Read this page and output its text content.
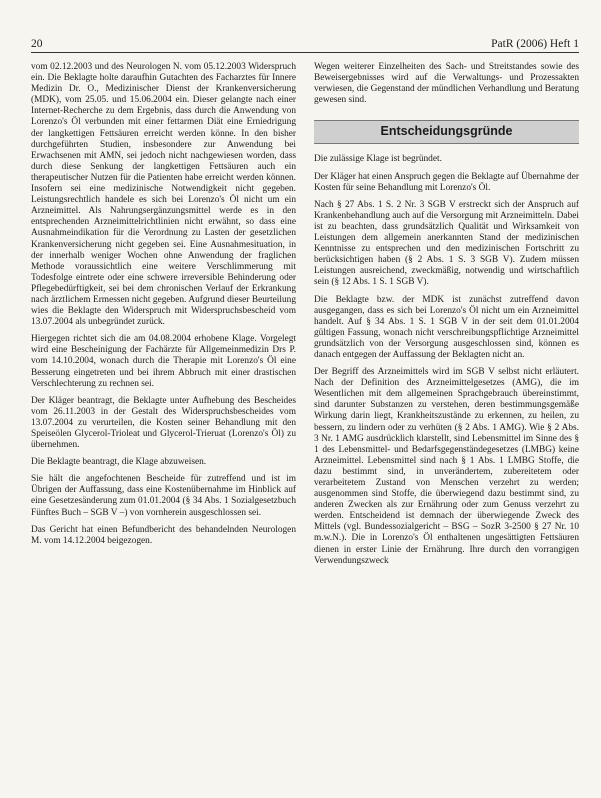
20	PatR (2006) Heft 1

vom 02.12.2003 und des Neurologen N. vom 05.12.2003 Widerspruch ein. Die Beklagte holte daraufhin Gutachten des Facharztes für Innere Medizin Dr. O., Medizinischer Dienst der Krankenversicherung (MDK), vom 25.05. und 15.06.2004 ein. Dieser gelangte nach einer Internet-Recherche zu dem Ergebnis, dass durch die Anwendung von Lorenzo's Öl verbunden mit einer fettarmen Diät eine Erniedrigung der langkettigen Fettsäuren erreicht werden könne. In den bisher durchgeführten Studien, insbesondere zur Anwendung bei Erwachsenen mit AMN, sei jedoch nicht nachgewiesen worden, dass durch diese Senkung der langkettigen Fettsäuren auch ein therapeutischer Nutzen für die Patienten habe erreicht werden können. Insofern sei eine medizinische Notwendigkeit nicht gegeben. Leistungsrechtlich handele es sich bei Lorenzo's Öl nicht um ein Arzneimittel. Als Nahrungsergänzungsmittel werde es in den entsprechenden Arzneimittelrichtlinien nicht erwähnt, so dass eine Ausnahmeindikation für die Verordnung zu Lasten der gesetzlichen Krankenversicherung nicht gegeben sei. Eine Ausnahmesituation, in der innerhalb weniger Wochen ohne Anwendung der fraglichen Methode voraussichtlich eine weitere Verschlimmerung mit Todesfolge eintrete oder eine schwere irreversible Behinderung oder Pflegebedürftigkeit, sei bei dem chronischen Verlauf der Erkrankung nach ärztlichem Ermessen nicht gegeben. Aufgrund dieser Beurteilung wies die Beklagte den Widerspruch mit Widerspruchsbescheid vom 13.07.2004 als unbegründet zurück.

Hiergegen richtet sich die am 04.08.2004 erhobene Klage. Vorgelegt wird eine Bescheinigung der Fachärzte für Allgemeinmedizin Drs P. vom 14.10.2004, wonach durch die Therapie mit Lorenzo's Öl eine Besserung eingetreten und bei ihrem Abbruch mit einer drastischen Verschlechterung zu rechnen sei.

Der Kläger beantragt, die Beklagte unter Aufhebung des Bescheides vom 26.11.2003 in der Gestalt des Widerspruchsbescheides vom 13.07.2004 zu verurteilen, die Kosten seiner Behandlung mit den Speiseölen Glycerol-Trioleat und Glycerol-Trieruat (Lorenzo's Öl) zu übernehmen.

Die Beklagte beantragt, die Klage abzuweisen.

Sie hält die angefochtenen Bescheide für zutreffend und ist im Übrigen der Auffassung, dass eine Kostenübernahme im Hinblick auf eine Gesetzesänderung zum 01.01.2004 (§ 34 Abs. 1 Sozialgesetzbuch Fünftes Buch – SGB V –) von vornherein ausgeschlossen sei.

Das Gericht hat einen Befundbericht des behandelnden Neurologen M. vom 14.12.2004 beigezogen.

Wegen weiterer Einzelheiten des Sach- und Streitstandes sowie des Beweisergebnisses wird auf die Verwaltungs- und Prozessakten verwiesen, die Gegenstand der mündlichen Verhandlung und Beratung gewesen sind.

Entscheidungsgründe

Die zulässige Klage ist begründet.

Der Kläger hat einen Anspruch gegen die Beklagte auf Übernahme der Kosten für seine Behandlung mit Lorenzo's Öl.

Nach § 27 Abs. 1 S. 2 Nr. 3 SGB V erstreckt sich der Anspruch auf Krankenbehandlung auch auf die Versorgung mit Arzneimitteln. Dabei ist zu beachten, dass grundsätzlich Qualität und Wirksamkeit von Leistungen dem allgemein anerkannten Stand der medizinischen Kenntnisse zu entsprechen und den medizinischen Fortschritt zu berücksichtigen haben (§ 2 Abs. 1 S. 3 SGB V). Zudem müssen Leistungen ausreichend, zweckmäßig, notwendig und wirtschaftlich sein (§ 12 Abs. 1 S. 1 SGB V).

Die Beklagte bzw. der MDK ist zunächst zutreffend davon ausgegangen, dass es sich bei Lorenzo's Öl nicht um ein Arzneimittel handelt. Auf § 34 Abs. 1 S. 1 SGB V in der seit dem 01.01.2004 gültigen Fassung, wonach nicht verschreibungspflichtige Arzneimittel grundsätzlich von der Versorgung ausgeschlossen sind, können es danach entgegen der Auffassung der Beklagten nicht an.

Der Begriff des Arzneimittels wird im SGB V selbst nicht erläutert. Nach der Definition des Arzneimittelgesetzes (AMG), die im Wesentlichen mit dem allgemeinen Sprachgebrauch übereinstimmt, sind darunter Substanzen zu verstehen, deren bestimmungsgemäße Wirkung darin liegt, Krankheitszustände zu erkennen, zu heilen, zu bessern, zu lindern oder zu verhüten (§ 2 Abs. 1 AMG). Wie § 2 Abs. 3 Nr. 1 AMG ausdrücklich klarstellt, sind Lebensmittel im Sinne des § 1 des Lebensmittel- und Bedarfsgegenständegesetzes (LMBG) keine Arzneimittel. Lebensmittel sind nach § 1 Abs. 1 LMBG Stoffe, die dazu bestimmt sind, in unverändertem, zubereitetem oder verarbeitetem Zustand von Menschen verzehrt zu werden; ausgenommen sind Stoffe, die überwiegend dazu bestimmt sind, zu anderen Zwecken als zur Ernährung oder zum Genuss verzehrt zu werden. Entscheidend ist demnach der überwiegende Zweck des Mittels (vgl. Bundessozialgericht – BSG – SozR 3-2500 § 27 Nr. 10 m.w.N.). Die in Lorenzo's Öl enthaltenen ungesättigten Fettsäuren dienen in erster Linie der Ernährung. Ihre durch den vorrangigen Verwendungszweck
